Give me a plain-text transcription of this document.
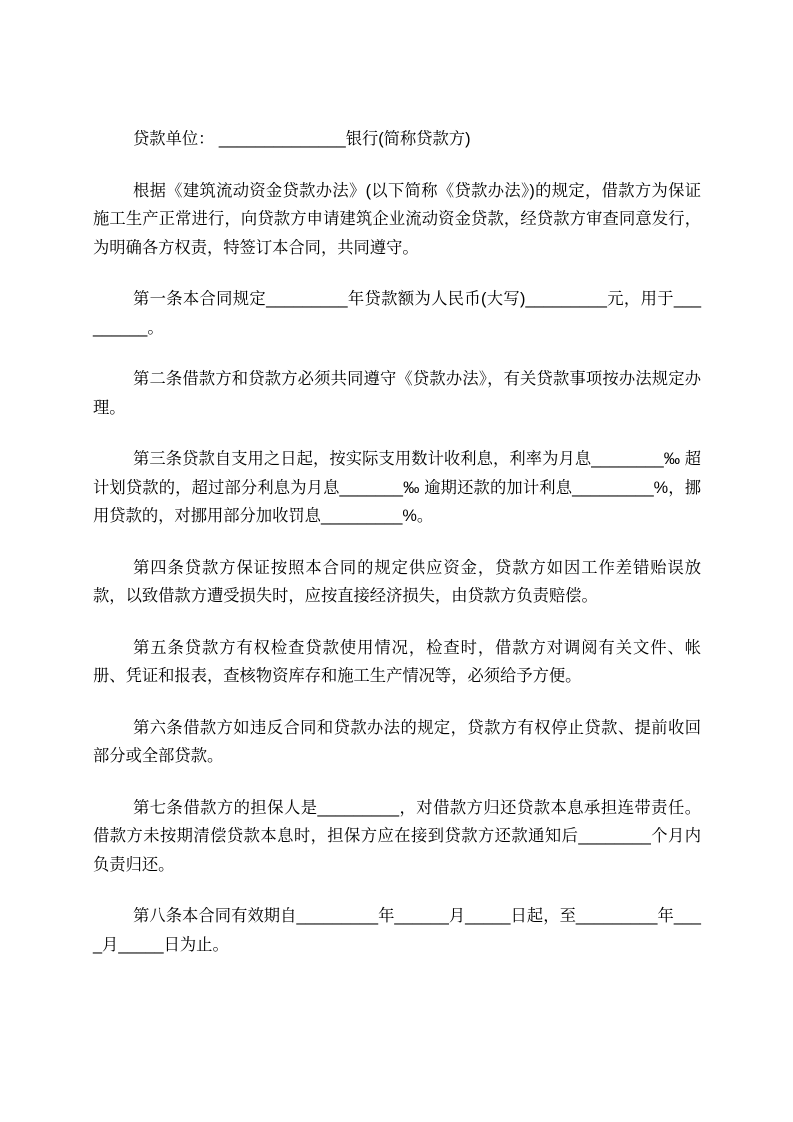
贷款单位： ______________银行(简称贷款方)

根据《建筑流动资金贷款办法》(以下简称《贷款办法》)的规定，借款方为保证施工生产正常进行，向贷款方申请建筑企业流动资金贷款，经贷款方审查同意发行，为明确各方权责，特签订本合同，共同遵守。

第一条本合同规定_________年贷款额为人民币(大写)_________元，用于_________。

第二条借款方和贷款方必须共同遵守《贷款办法》，有关贷款事项按办法规定办理。

第三条贷款自支用之日起，按实际支用数计收利息，利率为月息________‰ 超计划贷款的，超过部分利息为月息_______‰ 逾期还款的加计利息_________%，挪用贷款的，对挪用部分加收罚息_________%。

第四条贷款方保证按照本合同的规定供应资金，贷款方如因工作差错贻误放款，以致借款方遭受损失时，应按直接经济损失，由贷款方负责赔偿。

第五条贷款方有权检查贷款使用情况，检查时，借款方对调阅有关文件、帐册、凭证和报表，查核物资库存和施工生产情况等，必须给予方便。

第六条借款方如违反合同和贷款办法的规定，贷款方有权停止贷款、提前收回部分或全部贷款。

第七条借款方的担保人是_________，对借款方归还贷款本息承担连带责任。借款方未按期清偿贷款本息时，担保方应在接到贷款方还款通知后________个月内负责归还。

第八条本合同有效期自_________年______月_____日起，至_________年____月_____日为止。
